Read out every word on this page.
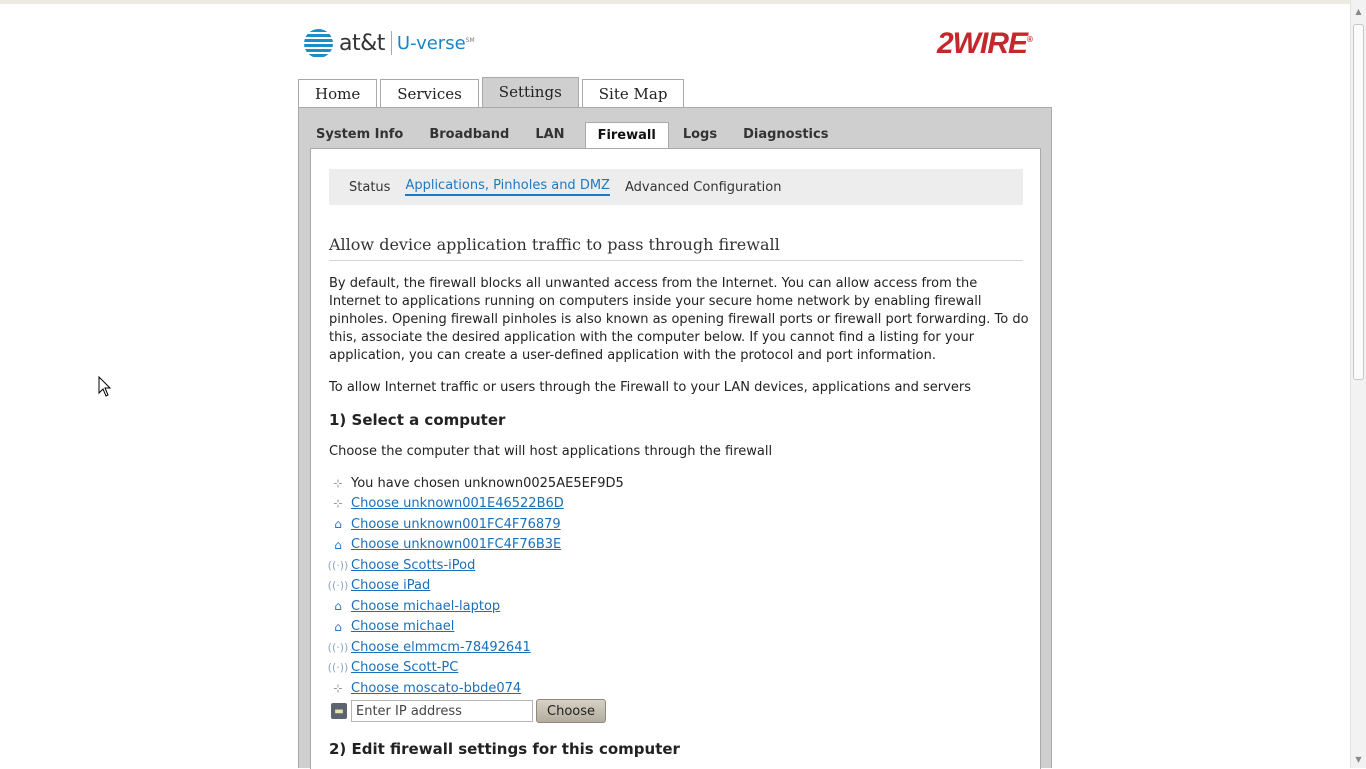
at&t U-verse℠	2WIRE®
Home	Services	Settings	Site Map
System Info	Broadband	LAN	Firewall	Logs	Diagnostics
Status Applications, Pinholes and DMZ Advanced Configuration
Allow device application traffic to pass through firewall
By default, the firewall blocks all unwanted access from the Internet. You can allow access from the Internet to applications running on computers inside your secure home network by enabling firewall pinholes. Opening firewall pinholes is also known as opening firewall ports or firewall port forwarding. To do this, associate the desired application with the computer below. If you cannot find a listing for your application, you can create a user-defined application with the protocol and port information.
To allow Internet traffic or users through the Firewall to your LAN devices, applications and servers
1) Select a computer
Choose the computer that will host applications through the firewall
⊹ You have chosen unknown0025AE5EF9D5
⊹ Choose unknown001E46522B6D
⌂ Choose unknown001FC4F76879
⌂ Choose unknown001FC4F76B3E
((·)) Choose Scotts-iPod
((·)) Choose iPad
⌂ Choose michael-laptop
⌂ Choose michael
((·)) Choose elmmcm-78492641
((·)) Choose Scott-PC
⊹ Choose moscato-bbde074
▬
Enter IP address	Choose
2) Edit firewall settings for this computer
▲
▼
